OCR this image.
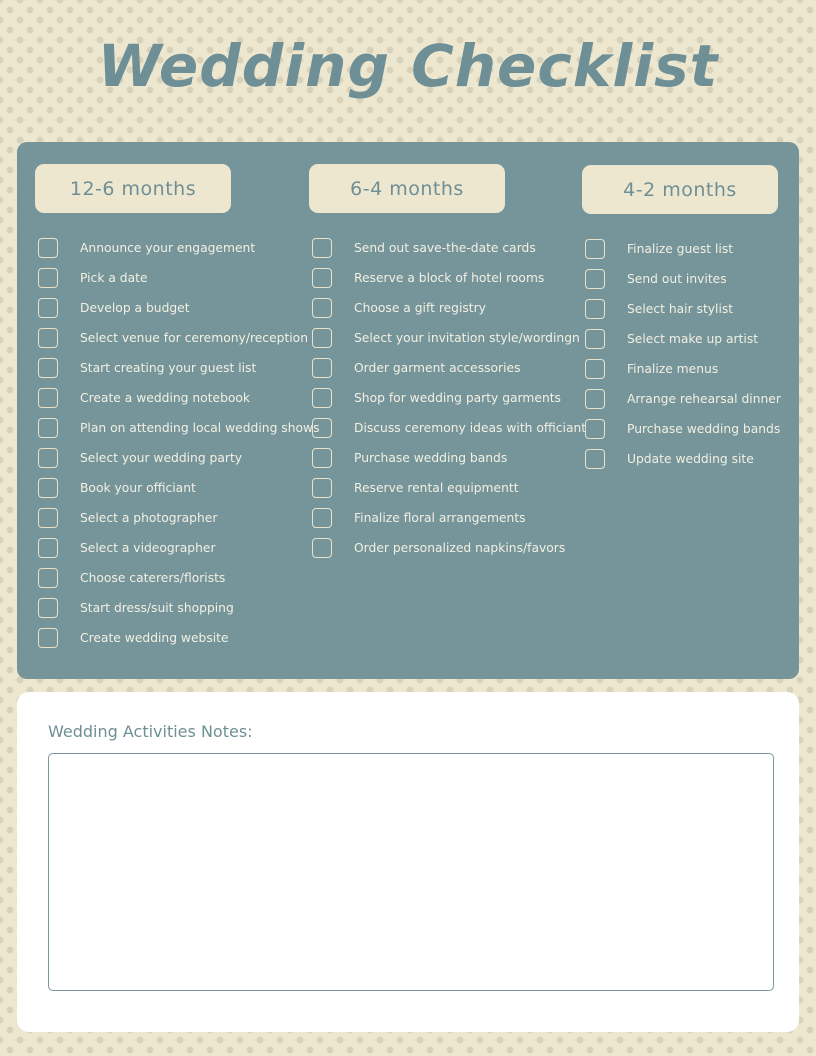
Wedding Checklist
12-6 months
Announce your engagement
Pick a date
Develop a budget
Select venue for ceremony/reception
Start creating your guest list
Create a wedding notebook
Plan on attending local wedding shows
Select your wedding party
Book your officiant
Select a photographer
Select a videographer
Choose caterers/florists
Start dress/suit shopping
Create wedding website
6-4 months
Send out save-the-date cards
Reserve a block of hotel rooms
Choose a gift registry
Select your invitation style/wordingn
Order garment accessories
Shop for wedding party garments
Discuss ceremony ideas with officiant
Purchase wedding bands
Reserve rental equipmentt
Finalize floral arrangements
Order personalized napkins/favors
4-2 months
Finalize guest list
Send out invites
Select hair stylist
Select make up artist
Finalize menus
Arrange rehearsal dinner
Purchase wedding bands
Update wedding site
Wedding Activities Notes:
